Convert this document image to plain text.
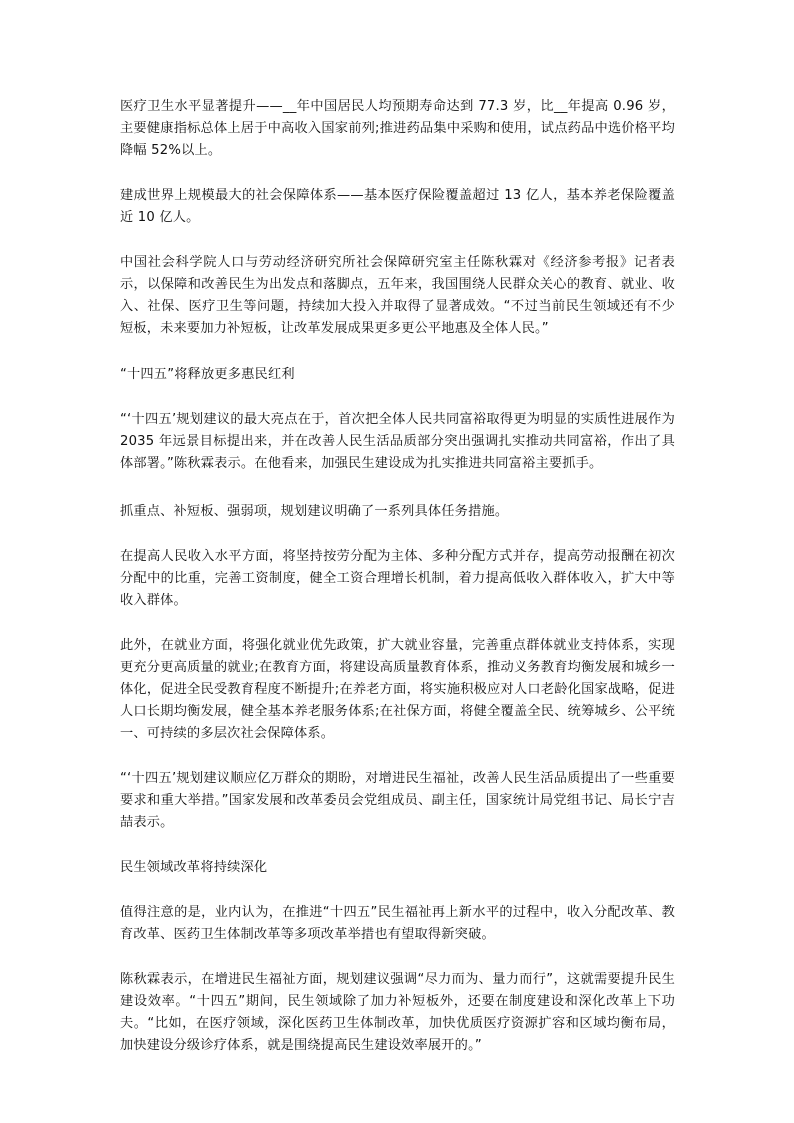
医疗卫生水平显著提升——__年中国居民人均预期寿命达到 77.3 岁，比__年提高 0.96 岁，主要健康指标总体上居于中高收入国家前列;推进药品集中采购和使用，试点药品中选价格平均降幅 52%以上。

建成世界上规模最大的社会保障体系——基本医疗保险覆盖超过 13 亿人，基本养老保险覆盖近 10 亿人。

中国社会科学院人口与劳动经济研究所社会保障研究室主任陈秋霖对《经济参考报》记者表示，以保障和改善民生为出发点和落脚点，五年来，我国围绕人民群众关心的教育、就业、收入、社保、医疗卫生等问题，持续加大投入并取得了显著成效。“不过当前民生领域还有不少短板，未来要加力补短板，让改革发展成果更多更公平地惠及全体人民。”

“十四五”将释放更多惠民红利

“‘十四五’规划建议的最大亮点在于，首次把全体人民共同富裕取得更为明显的实质性进展作为 2035 年远景目标提出来，并在改善人民生活品质部分突出强调扎实推动共同富裕，作出了具体部署。”陈秋霖表示。在他看来，加强民生建设成为扎实推进共同富裕主要抓手。

抓重点、补短板、强弱项，规划建议明确了一系列具体任务措施。

在提高人民收入水平方面，将坚持按劳分配为主体、多种分配方式并存，提高劳动报酬在初次分配中的比重，完善工资制度，健全工资合理增长机制，着力提高低收入群体收入，扩大中等收入群体。

此外，在就业方面，将强化就业优先政策，扩大就业容量，完善重点群体就业支持体系，实现更充分更高质量的就业;在教育方面，将建设高质量教育体系，推动义务教育均衡发展和城乡一体化，促进全民受教育程度不断提升;在养老方面，将实施积极应对人口老龄化国家战略，促进人口长期均衡发展，健全基本养老服务体系;在社保方面，将健全覆盖全民、统筹城乡、公平统一、可持续的多层次社会保障体系。

“‘十四五’规划建议顺应亿万群众的期盼，对增进民生福祉，改善人民生活品质提出了一些重要要求和重大举措。”国家发展和改革委员会党组成员、副主任，国家统计局党组书记、局长宁吉喆表示。

民生领域改革将持续深化

值得注意的是，业内认为，在推进“十四五”民生福祉再上新水平的过程中，收入分配改革、教育改革、医药卫生体制改革等多项改革举措也有望取得新突破。

陈秋霖表示，在增进民生福祉方面，规划建议强调“尽力而为、量力而行”，这就需要提升民生建设效率。“十四五”期间，民生领域除了加力补短板外，还要在制度建设和深化改革上下功夫。“比如，在医疗领域，深化医药卫生体制改革，加快优质医疗资源扩容和区域均衡布局，加快建设分级诊疗体系，就是围绕提高民生建设效率展开的。”
